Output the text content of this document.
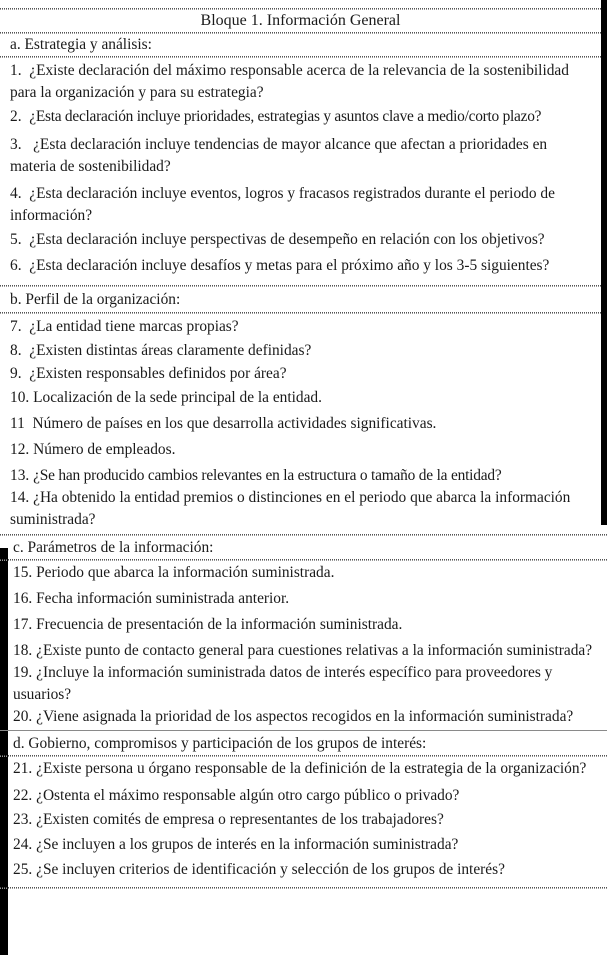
Bloque 1. Información General
a. Estrategia y análisis:
1. ¿Existe declaración del máximo responsable acerca de la relevancia de la sostenibilidad para la organización y para su estrategia?
2. ¿Esta declaración incluye prioridades, estrategias y asuntos clave a medio/corto plazo?
3. ¿Esta declaración incluye tendencias de mayor alcance que afectan a prioridades en materia de sostenibilidad?
4. ¿Esta declaración incluye eventos, logros y fracasos registrados durante el periodo de información?
5. ¿Esta declaración incluye perspectivas de desempeño en relación con los objetivos?
6. ¿Esta declaración incluye desafíos y metas para el próximo año y los 3-5 siguientes?
b. Perfil de la organización:
7. ¿La entidad tiene marcas propias?
8. ¿Existen distintas áreas claramente definidas?
9. ¿Existen responsables definidos por área?
10. Localización de la sede principal de la entidad.
11 Número de países en los que desarrolla actividades significativas.
12. Número de empleados.
13. ¿Se han producido cambios relevantes en la estructura o tamaño de la entidad?
14. ¿Ha obtenido la entidad premios o distinciones en el periodo que abarca la información suministrada?
c. Parámetros de la información:
15. Periodo que abarca la información suministrada.
16. Fecha información suministrada anterior.
17. Frecuencia de presentación de la información suministrada.
18. ¿Existe punto de contacto general para cuestiones relativas a la información suministrada?
19. ¿Incluye la información suministrada datos de interés específico para proveedores y usuarios?
20. ¿Viene asignada la prioridad de los aspectos recogidos en la información suministrada?
d. Gobierno, compromisos y participación de los grupos de interés:
21. ¿Existe persona u órgano responsable de la definición de la estrategia de la organización?
22. ¿Ostenta el máximo responsable algún otro cargo público o privado?
23. ¿Existen comités de empresa o representantes de los trabajadores?
24. ¿Se incluyen a los grupos de interés en la información suministrada?
25. ¿Se incluyen criterios de identificación y selección de los grupos de interés?
